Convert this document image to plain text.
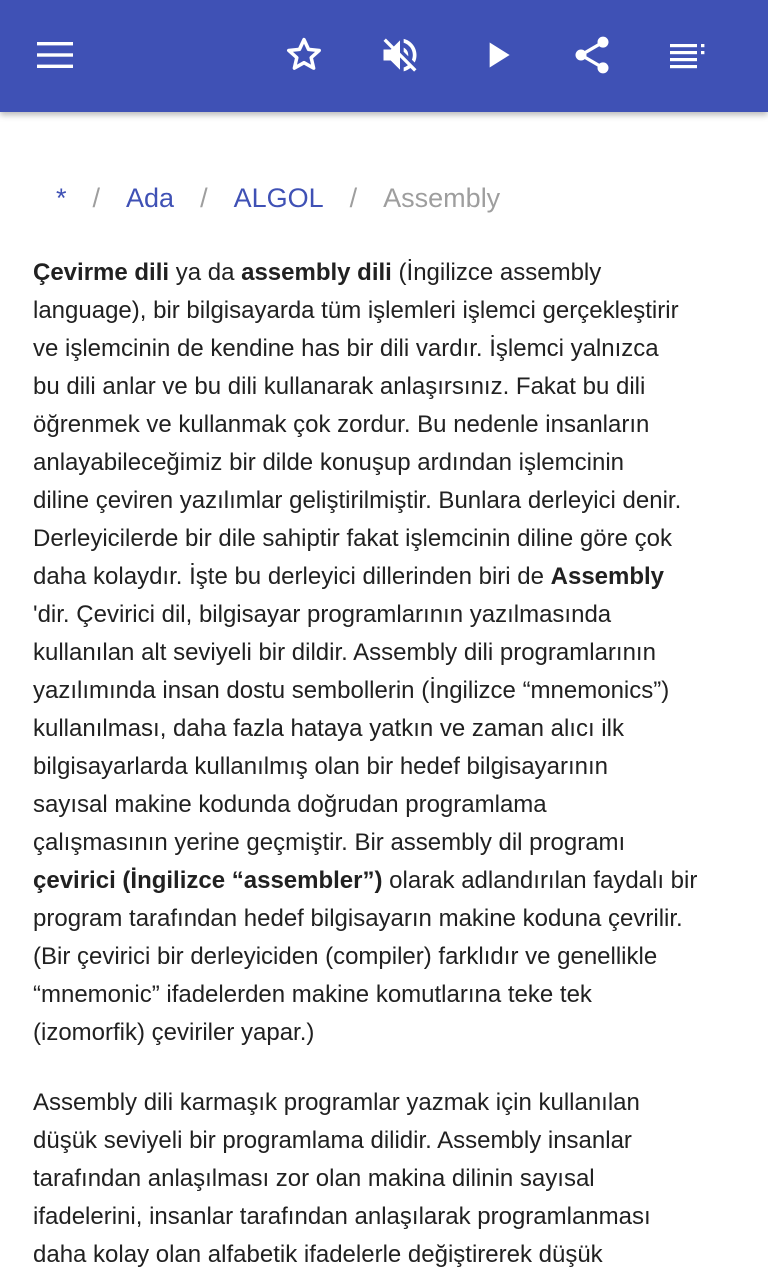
* / Ada / ALGOL / Assembly

Çevirme dili ya da assembly dili (İngilizce assembly
language), bir bilgisayarda tüm işlemleri işlemci gerçekleştirir
ve işlemcinin de kendine has bir dili vardır. İşlemci yalnızca
bu dili anlar ve bu dili kullanarak anlaşırsınız. Fakat bu dili
öğrenmek ve kullanmak çok zordur. Bu nedenle insanların
anlayabileceğimiz bir dilde konuşup ardından işlemcinin
diline çeviren yazılımlar geliştirilmiştir. Bunlara derleyici denir.
Derleyicilerde bir dile sahiptir fakat işlemcinin diline göre çok
daha kolaydır. İşte bu derleyici dillerinden biri de Assembly
'dir. Çevirici dil, bilgisayar programlarının yazılmasında
kullanılan alt seviyeli bir dildir. Assembly dili programlarının
yazılımında insan dostu sembollerin (İngilizce “mnemonics”)
kullanılması, daha fazla hataya yatkın ve zaman alıcı ilk
bilgisayarlarda kullanılmış olan bir hedef bilgisayarının
sayısal makine kodunda doğrudan programlama
çalışmasının yerine geçmiştir. Bir assembly dil programı
çevirici (İngilizce “assembler”) olarak adlandırılan faydalı bir
program tarafından hedef bilgisayarın makine koduna çevrilir.
(Bir çevirici bir derleyiciden (compiler) farklıdır ve genellikle
“mnemonic” ifadelerden makine komutlarına teke tek
(izomorfik) çeviriler yapar.)

Assembly dili karmaşık programlar yazmak için kullanılan
düşük seviyeli bir programlama dilidir. Assembly insanlar
tarafından anlaşılması zor olan makina dilinin sayısal
ifadelerini, insanlar tarafından anlaşılarak programlanması
daha kolay olan alfabetik ifadelerle değiştirerek düşük
